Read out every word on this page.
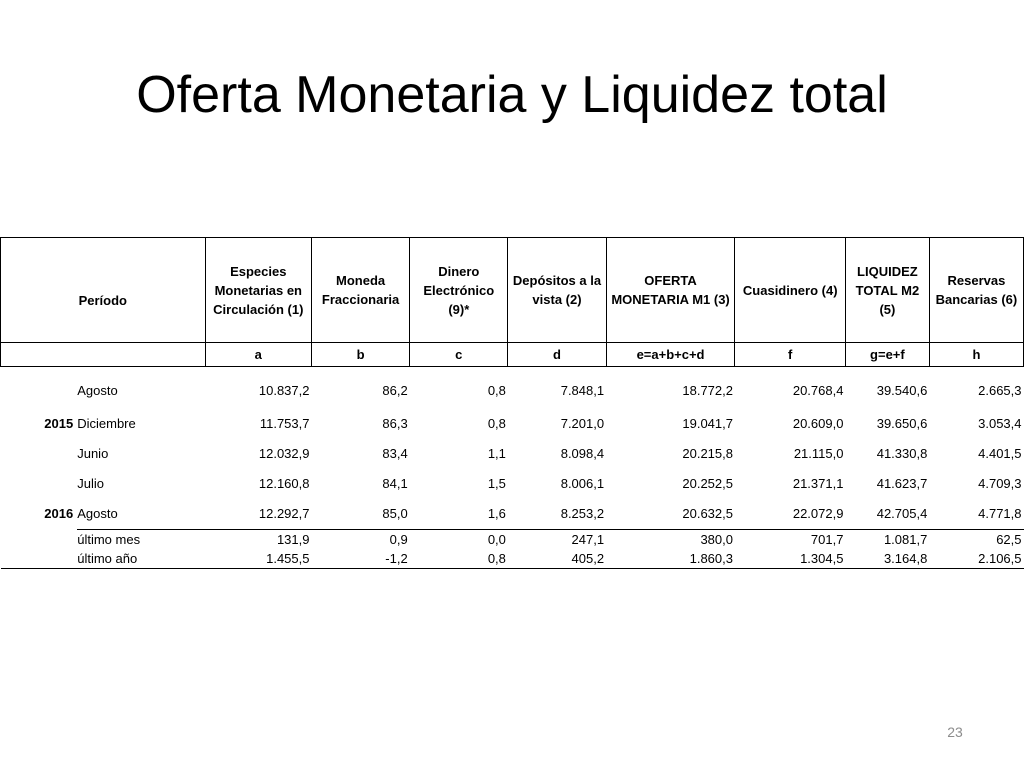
Oferta Monetaria y Liquidez total
Período		Especies Monetarias en Circulación (1)	Moneda Fraccionaria	Dinero Electrónico (9)*	Depósitos a la vista (2)	OFERTA MONETARIA M1 (3)	Cuasidinero (4)	LIQUIDEZ TOTAL M2 (5)	Reservas Bancarias (6)
		a	b	c	d	e=a+b+c+d	f	g=e+f	h
	Agosto	10.837,2	86,2	0,8	7.848,1	18.772,2	20.768,4	39.540,6	2.665,3
2015	Diciembre	11.753,7	86,3	0,8	7.201,0	19.041,7	20.609,0	39.650,6	3.053,4
	Junio	12.032,9	83,4	1,1	8.098,4	20.215,8	21.115,0	41.330,8	4.401,5
	Julio	12.160,8	84,1	1,5	8.006,1	20.252,5	21.371,1	41.623,7	4.709,3
2016	Agosto	12.292,7	85,0	1,6	8.253,2	20.632,5	22.072,9	42.705,4	4.771,8
	último mes	131,9	0,9	0,0	247,1	380,0	701,7	1.081,7	62,5
	último año	1.455,5	-1,2	0,8	405,2	1.860,3	1.304,5	3.164,8	2.106,5
23
